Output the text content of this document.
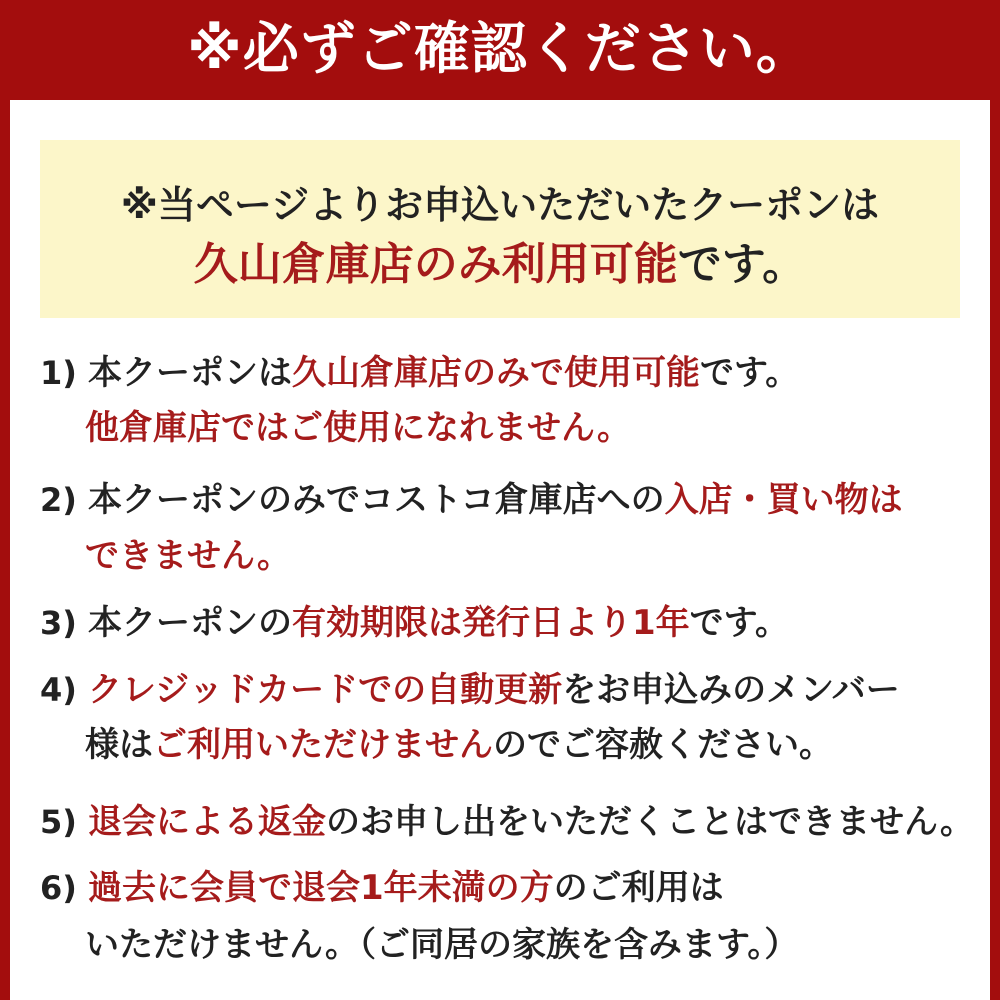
※必ずご確認ください。
※当ページよりお申込いただいたクーポンは
久山倉庫店のみ利用可能です。
1) 本クーポンは久山倉庫店のみで使用可能です。
他倉庫店ではご使用になれません。
2) 本クーポンのみでコストコ倉庫店への入店・買い物は
できません。
3) 本クーポンの有効期限は発行日より1年です。
4) クレジッドカードでの自動更新をお申込みのメンバー
様はご利用いただけませんのでご容赦ください。
5) 退会による返金のお申し出をいただくことはできません。
6) 過去に会員で退会1年未満の方のご利用は
いただけません。（ご同居の家族を含みます。）
